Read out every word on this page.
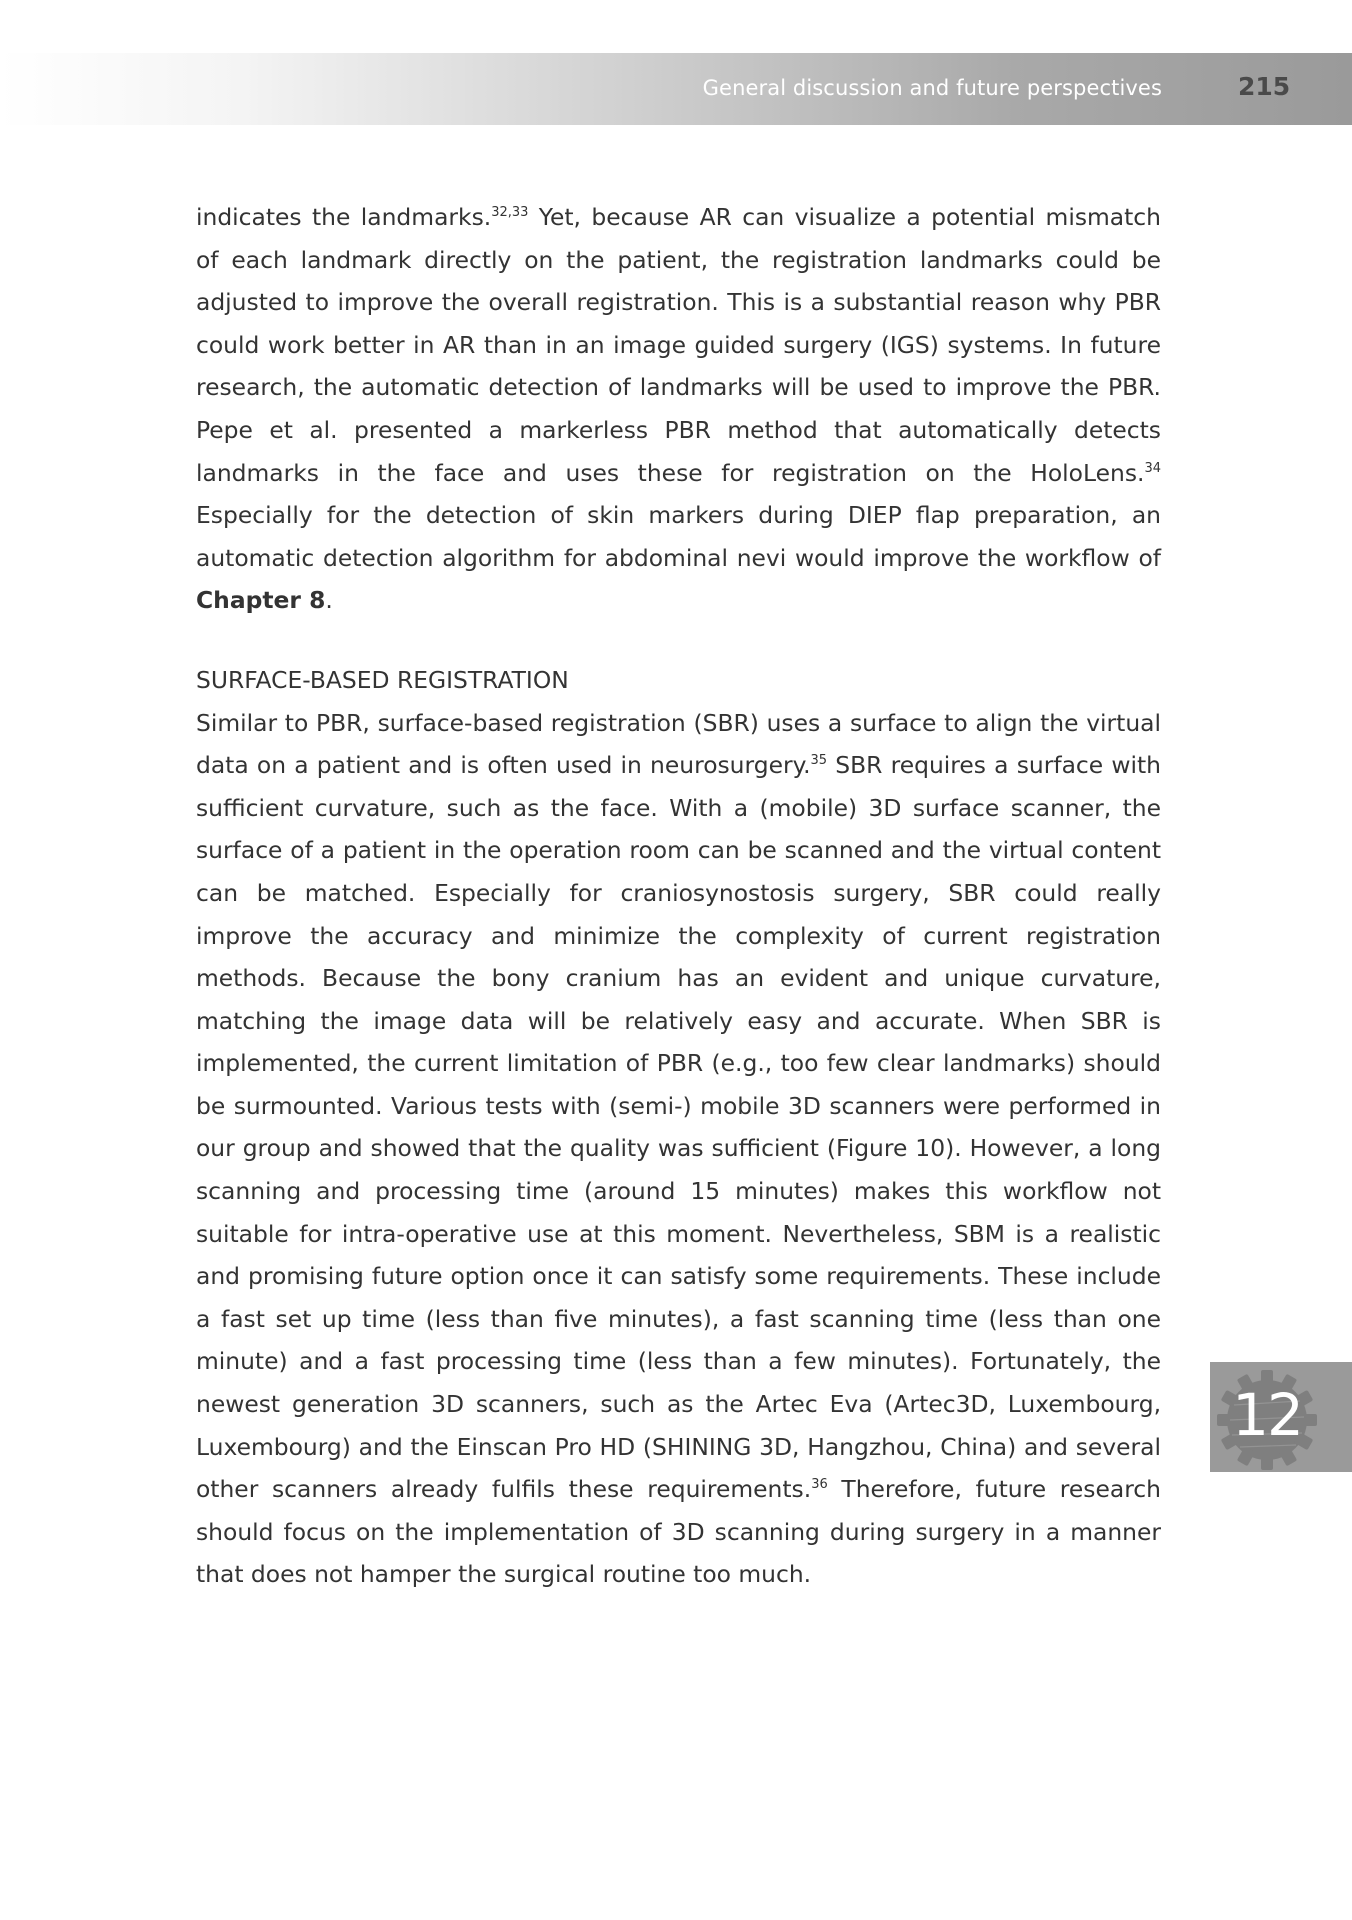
General discussion and future perspectives	215

indicates the landmarks.$^{32,33}$ Yet, because AR can visualize a potential mismatch of each landmark directly on the patient, the registration landmarks could be adjusted to improve the overall registration. This is a substantial reason why PBR could work better in AR than in an image guided surgery (IGS) systems. In future research, the automatic detection of landmarks will be used to improve the PBR. Pepe et al. presented a markerless PBR method that automatically detects landmarks in the face and uses these for registration on the HoloLens.$^{34}$ Especially for the detection of skin markers during DIEP flap preparation, an automatic detection algorithm for abdominal nevi would improve the workflow of Chapter 8.

SURFACE-BASED REGISTRATION

Similar to PBR, surface-based registration (SBR) uses a surface to align the virtual data on a patient and is often used in neurosurgery.$^{35}$ SBR requires a surface with sufficient curvature, such as the face. With a (mobile) 3D surface scanner, the surface of a patient in the operation room can be scanned and the virtual content can be matched. Especially for craniosynostosis surgery, SBR could really improve the accuracy and minimize the complexity of current registration methods. Because the bony cranium has an evident and unique curvature, matching the image data will be relatively easy and accurate. When SBR is implemented, the current limitation of PBR (e.g., too few clear landmarks) should be surmounted. Various tests with (semi-) mobile 3D scanners were performed in our group and showed that the quality was sufficient (Figure 10). However, a long scanning and processing time (around 15 minutes) makes this workflow not suitable for intra-operative use at this moment. Nevertheless, SBM is a realistic and promising future option once it can satisfy some requirements. These include a fast set up time (less than five minutes), a fast scanning time (less than one minute) and a fast processing time (less than a few minutes). Fortunately, the newest generation 3D scanners, such as the Artec Eva (Artec3D, Luxembourg, Luxembourg) and the Einscan Pro HD (SHINING 3D, Hangzhou, China) and several other scanners already fulfils these requirements.$^{36}$ Therefore, future research should focus on the implementation of 3D scanning during surgery in a manner that does not hamper the surgical routine too much.

12
